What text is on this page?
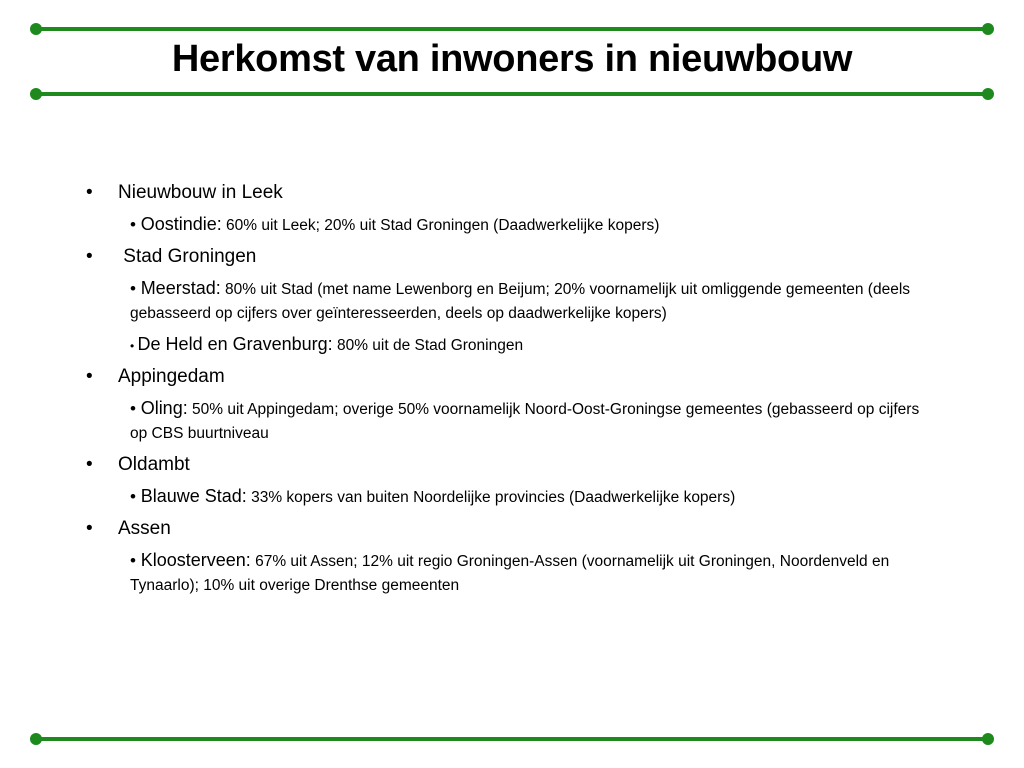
Herkomst van inwoners in nieuwbouw
• Nieuwbouw in Leek
• Oostindie: 60% uit Leek; 20% uit Stad Groningen (Daadwerkelijke kopers)
• Stad Groningen
• Meerstad: 80% uit Stad (met name Lewenborg en Beijum; 20% voornamelijk uit omliggende gemeenten (deels gebasseerd op cijfers over geïnteresseerden, deels op daadwerkelijke kopers)
• De Held en Gravenburg: 80% uit de Stad Groningen
• Appingedam
• Oling: 50% uit Appingedam; overige 50% voornamelijk Noord-Oost-Groningse gemeentes (gebasseerd op cijfers op CBS buurtniveau
• Oldambt
• Blauwe Stad: 33% kopers van buiten Noordelijke provincies (Daadwerkelijke kopers)
• Assen
• Kloosterveen: 67% uit Assen; 12% uit regio Groningen-Assen (voornamelijk uit Groningen, Noordenveld en Tynaarlo); 10% uit overige Drenthse gemeenten
